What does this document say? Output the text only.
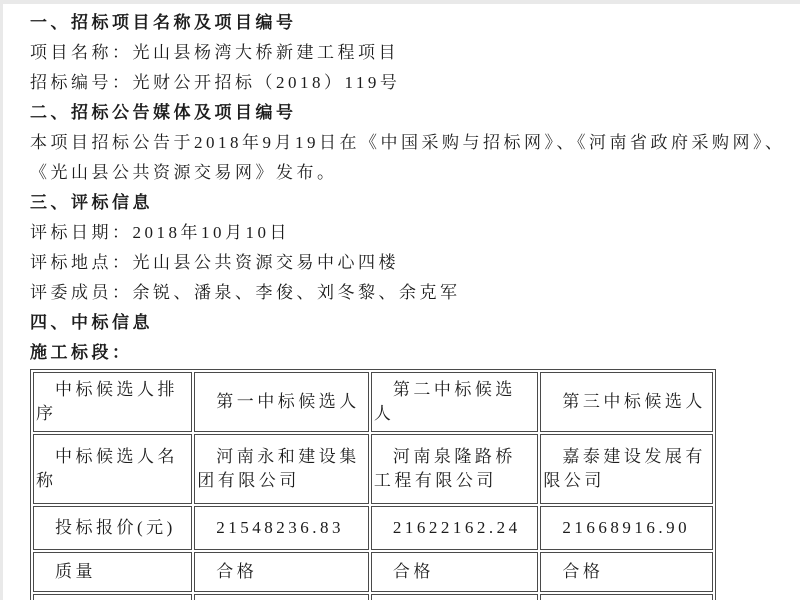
一、招标项目名称及项目编号

项目名称：光山县杨湾大桥新建工程项目

招标编号：光财公开招标（2018）119号

二、招标公告媒体及项目编号

本项目招标公告于2018年9月19日在《中国采购与招标网》、《河南省政府采购网》、

《光山县公共资源交易网》发布。

三、评标信息

评标日期：2018年10月10日

评标地点：光山县公共资源交易中心四楼

评委成员：余锐、潘泉、李俊、刘冬黎、余克军

四、中标信息

施工标段：

中标候选人排序	第一中标候选人	第二中标候选人	第三中标候选人
中标候选人名称	河南永和建设集团有限公司	河南泉隆路桥工程有限公司	嘉泰建设发展有限公司
投标报价(元)	21548236.83	21622162.24	21668916.90
质量	合格	合格	合格
